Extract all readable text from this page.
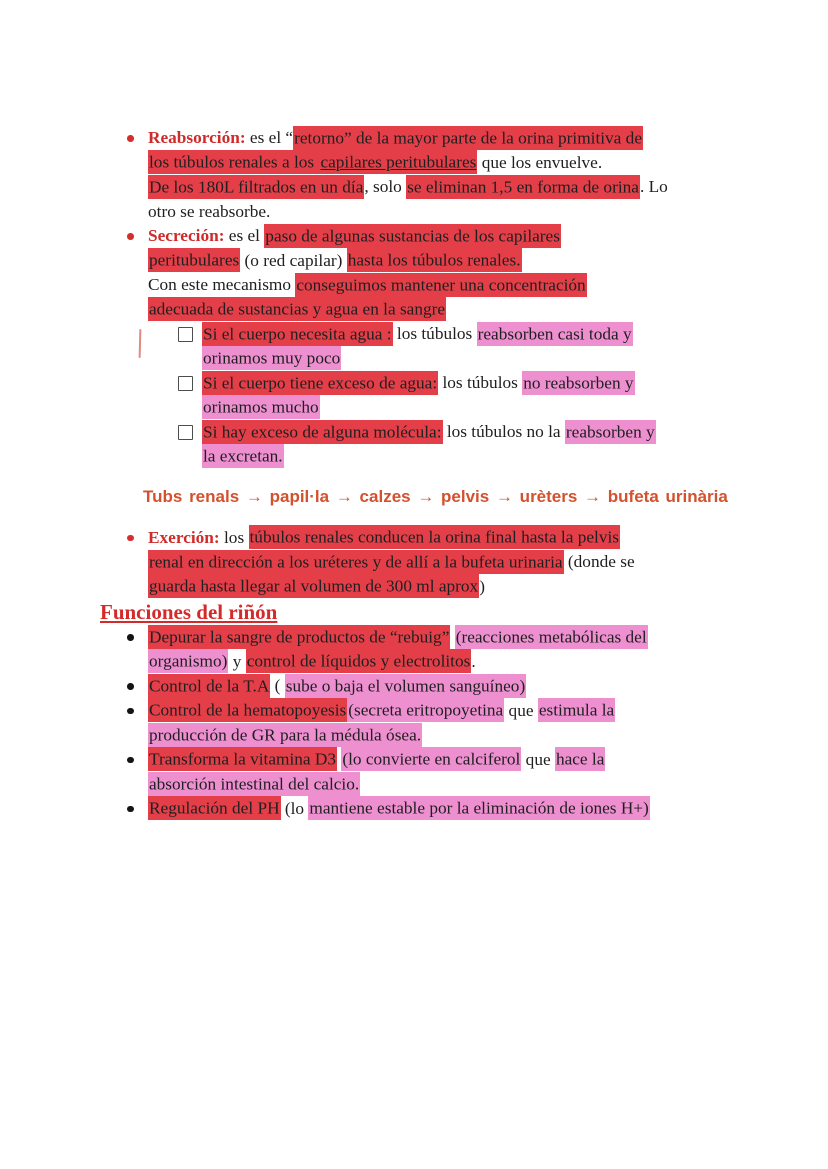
Reabsorción: es el “retorno” de la mayor parte de la orina primitiva de
los túbulos renales a los capilares peritubulares que los envuelve.
De los 180L filtrados en un día, solo se eliminan 1,5 en forma de orina. Lo
otro se reabsorbe.
Secreción: es el paso de algunas sustancias de los capilares
peritubulares (o red capilar) hasta los túbulos renales.
Con este mecanismo conseguimos mantener una concentración
adecuada de sustancias y agua en la sangre
Si el cuerpo necesita agua : los túbulos reabsorben casi toda y
orinamos muy poco
Si el cuerpo tiene exceso de agua: los túbulos no reabsorben y
orinamos mucho
Si hay exceso de alguna molécula: los túbulos no la reabsorben y
la excretan.
Tubs renals → papil·la → calzes → pelvis → urèters → bufeta urinària
Exerción: los túbulos renales conducen la orina final hasta la pelvis
renal en dirección a los uréteres y de allí a la bufeta urinaria (donde se
guarda hasta llegar al volumen de 300 ml aprox)
Funciones del riñón
Depurar la sangre de productos de “rebuig” (reacciones metabólicas del
organismo) y control de líquidos y electrolitos.
Control de la T.A ( sube o baja el volumen sanguíneo)
Control de la hematopoyesis (secreta eritropoyetina que estimula la
producción de GR para la médula ósea.
Transforma la vitamina D3 (lo convierte en calciferol que hace la
absorción intestinal del calcio.
Regulación del PH (lo mantiene estable por la eliminación de iones H+)
